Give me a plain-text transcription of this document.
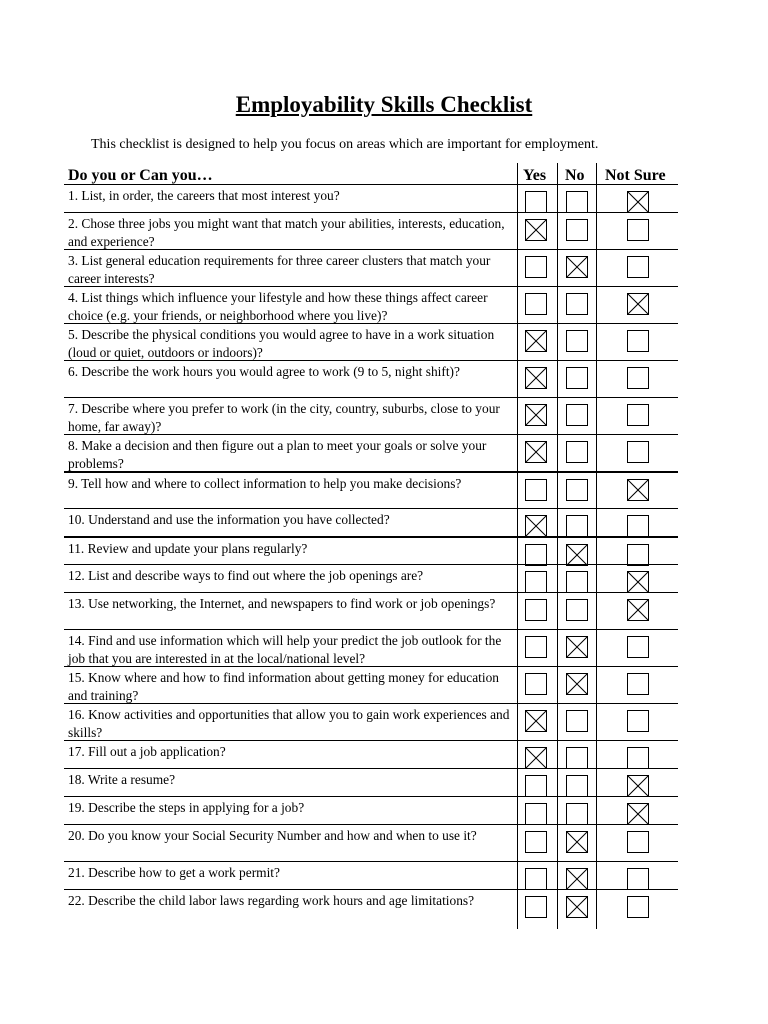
Employability Skills Checklist

This checklist is designed to help you focus on areas which are important for employment.

Do you or Can you…	Yes No Not Sure
1. List, in order, the careers that most interest you?
2. Chose three jobs you might want that match your abilities, interests, education, and experience?
3. List general education requirements for three career clusters that match your career interests?
4. List things which influence your lifestyle and how these things affect career choice (e.g. your friends, or neighborhood where you live)?
5. Describe the physical conditions you would agree to have in a work situation (loud or quiet, outdoors or indoors)?
6. Describe the work hours you would agree to work (9 to 5, night shift)?
7. Describe where you prefer to work (in the city, country, suburbs, close to your home, far away)?
8. Make a decision and then figure out a plan to meet your goals or solve your problems?
9. Tell how and where to collect information to help you make decisions?
10. Understand and use the information you have collected?
11. Review and update your plans regularly?
12. List and describe ways to find out where the job openings are?
13. Use networking, the Internet, and newspapers to find work or job openings?
14. Find and use information which will help your predict the job outlook for the job that you are interested in at the local/national level?
15. Know where and how to find information about getting money for education and training?
16. Know activities and opportunities that allow you to gain work experiences and skills?
17. Fill out a job application?
18. Write a resume?
19. Describe the steps in applying for a job?
20. Do you know your Social Security Number and how and when to use it?
21. Describe how to get a work permit?
22. Describe the child labor laws regarding work hours and age limitations?
